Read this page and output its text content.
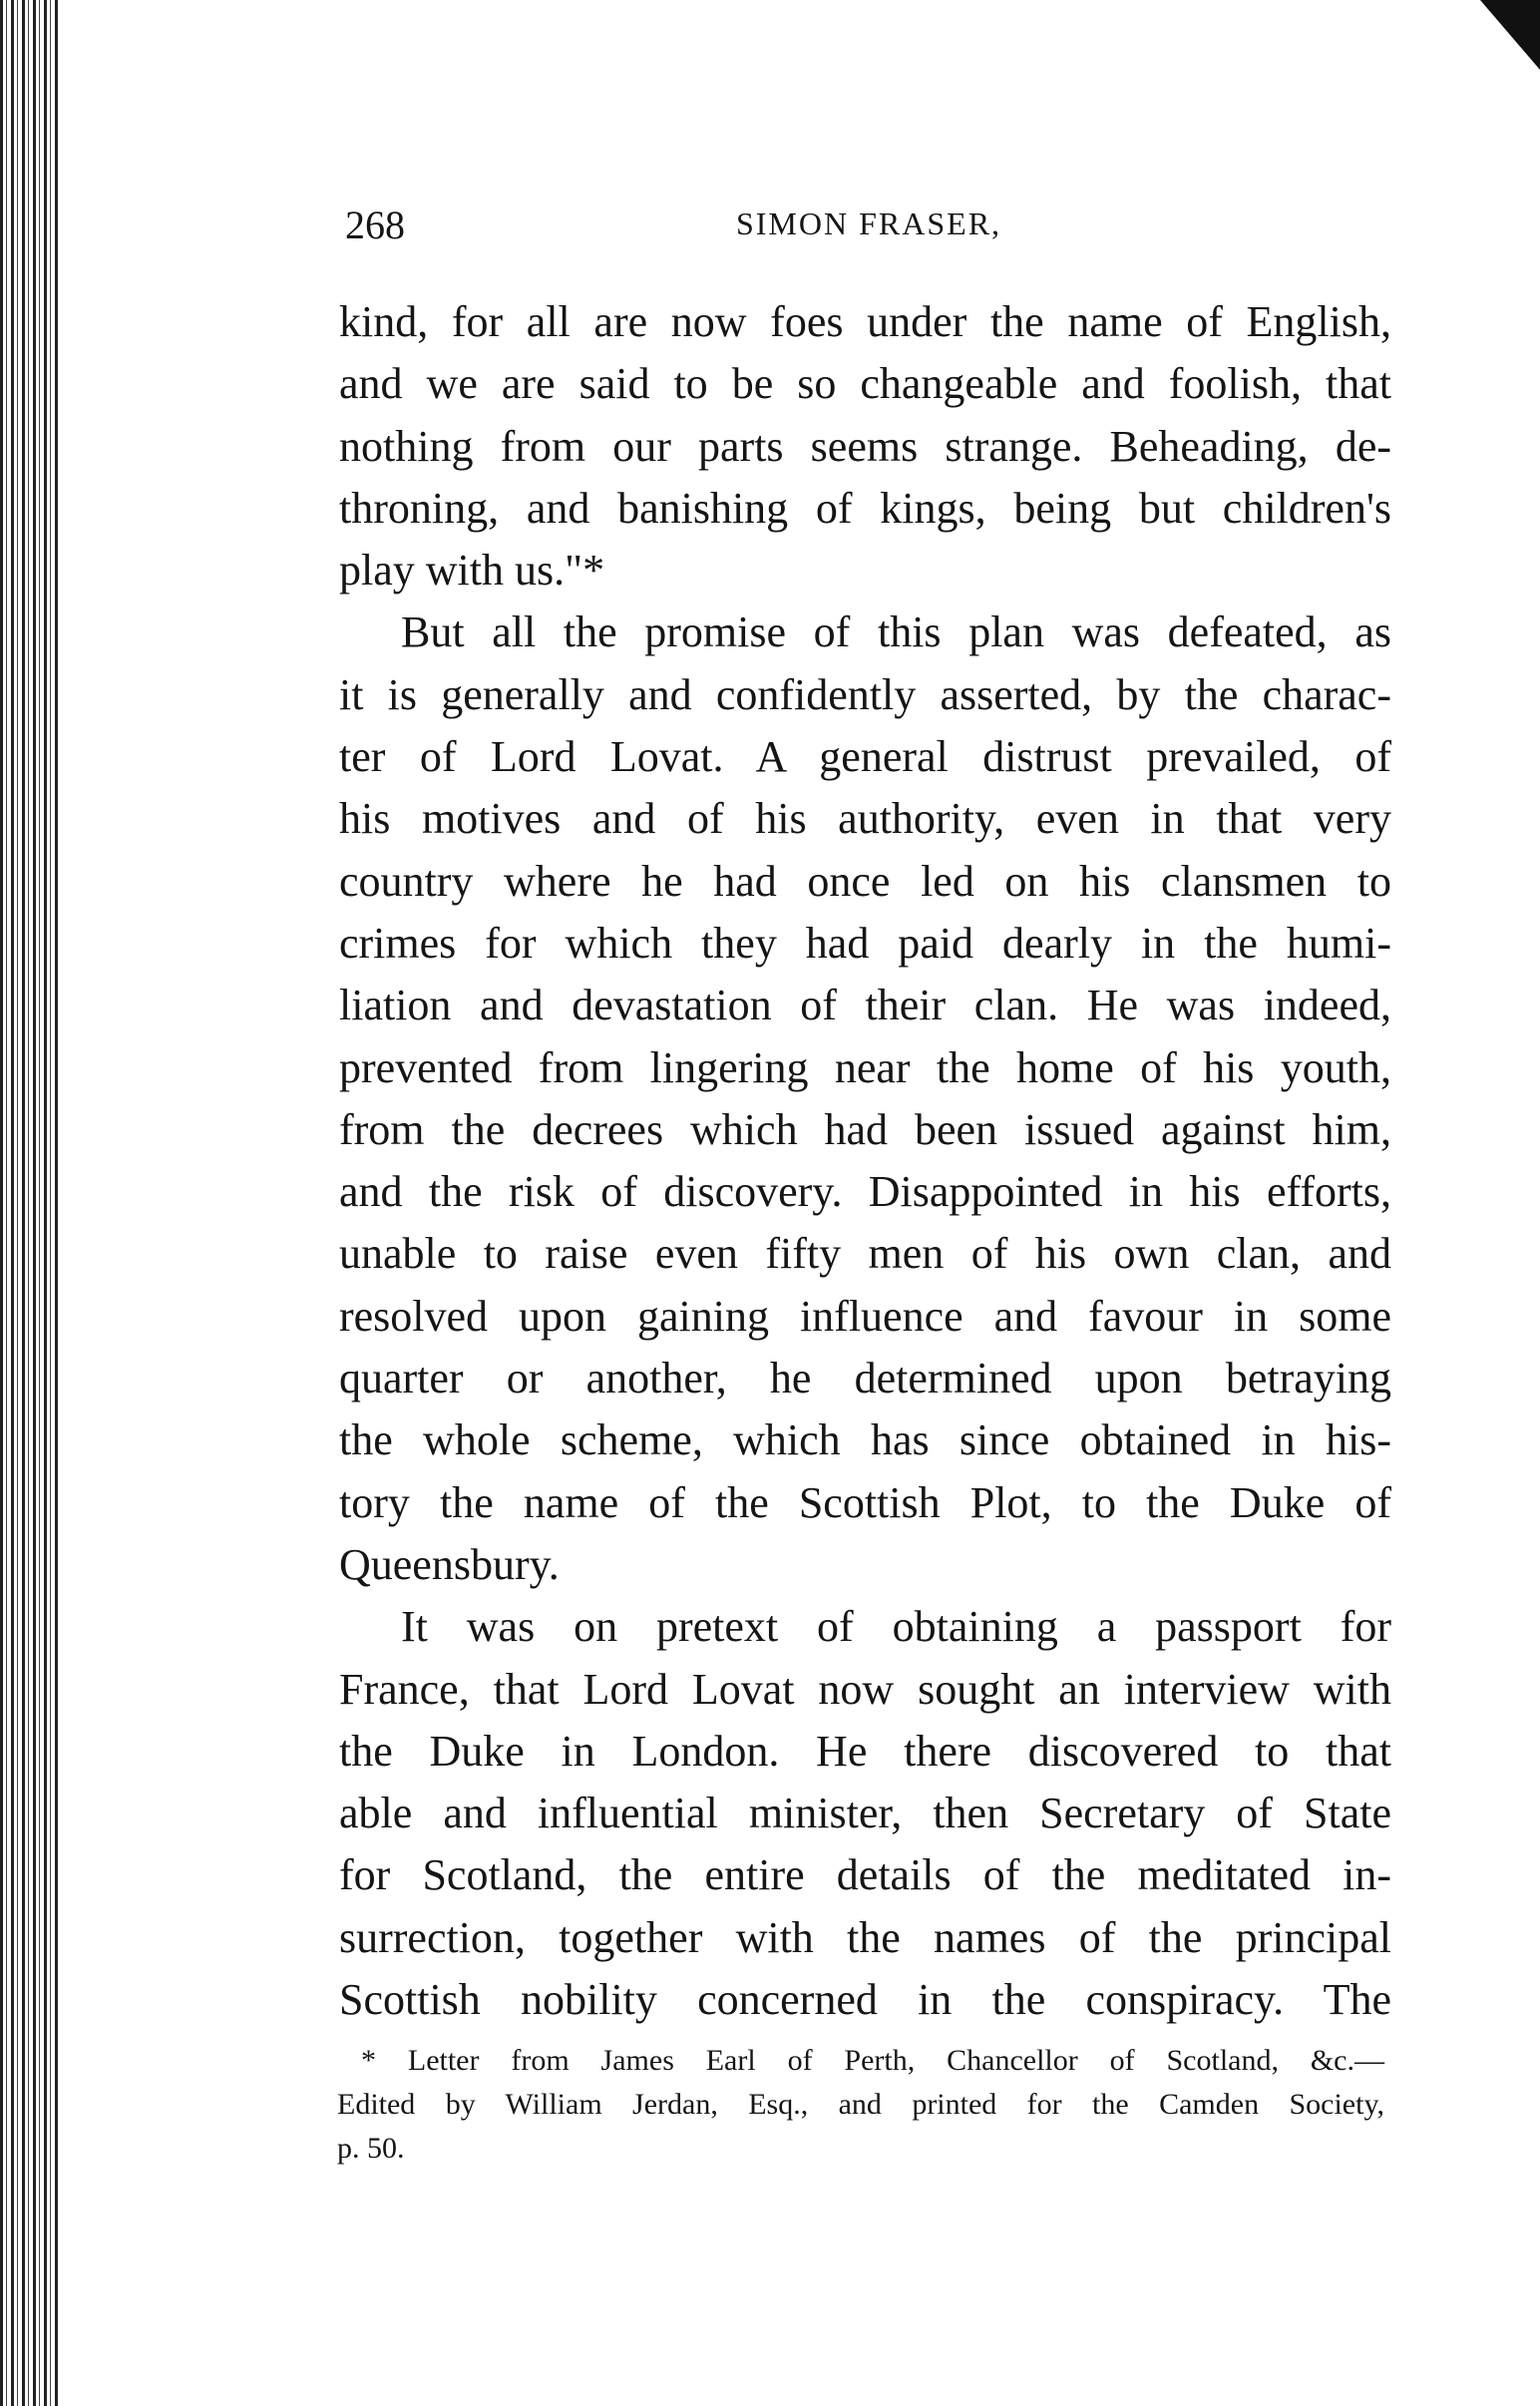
268	SIMON FRASER,
kind, for all are now foes under the name of English,
and we are said to be so changeable and foolish, that
nothing from our parts seems strange. Beheading, de-
throning, and banishing of kings, being but children's
play with us."*
But all the promise of this plan was defeated, as
it is generally and confidently asserted, by the charac-
ter of Lord Lovat. A general distrust prevailed, of
his motives and of his authority, even in that very
country where he had once led on his clansmen to
crimes for which they had paid dearly in the humi-
liation and devastation of their clan. He was indeed,
prevented from lingering near the home of his youth,
from the decrees which had been issued against him,
and the risk of discovery. Disappointed in his efforts,
unable to raise even fifty men of his own clan, and
resolved upon gaining influence and favour in some
quarter or another, he determined upon betraying
the whole scheme, which has since obtained in his-
tory the name of the Scottish Plot, to the Duke of
Queensbury.
It was on pretext of obtaining a passport for
France, that Lord Lovat now sought an interview with
the Duke in London. He there discovered to that
able and influential minister, then Secretary of State
for Scotland, the entire details of the meditated in-
surrection, together with the names of the principal
Scottish nobility concerned in the conspiracy. The
* Letter from James Earl of Perth, Chancellor of Scotland, &c.—
Edited by William Jerdan, Esq., and printed for the Camden Society,
p. 50.
